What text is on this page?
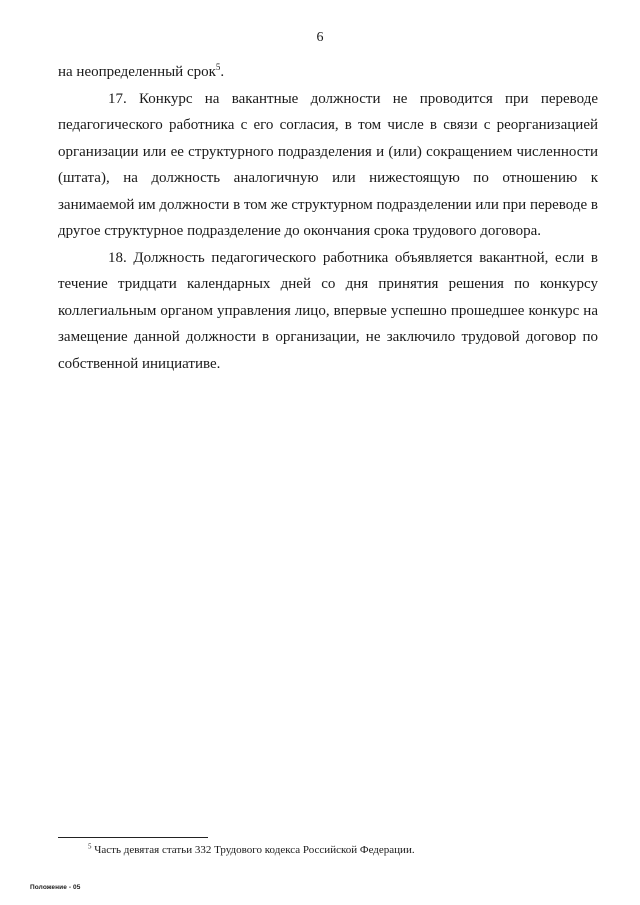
6

на неопределенный срок$^5$.

17. Конкурс на вакантные должности не проводится при переводе педагогического работника с его согласия, в том числе в связи с реорганизацией организации или ее структурного подразделения и (или) сокращением численности (штата), на должность аналогичную или нижестоящую по отношению к занимаемой им должности в том же структурном подразделении или при переводе в другое структурное подразделение до окончания срока трудового договора.

18. Должность педагогического работника объявляется вакантной, если в течение тридцати календарных дней со дня принятия решения по конкурсу коллегиальным органом управления лицо, впервые успешно прошедшее конкурс на замещение данной должности в организации, не заключило трудовой договор по собственной инициативе.

$^5$ Часть девятая статьи 332 Трудового кодекса Российской Федерации.
Положение - 05
